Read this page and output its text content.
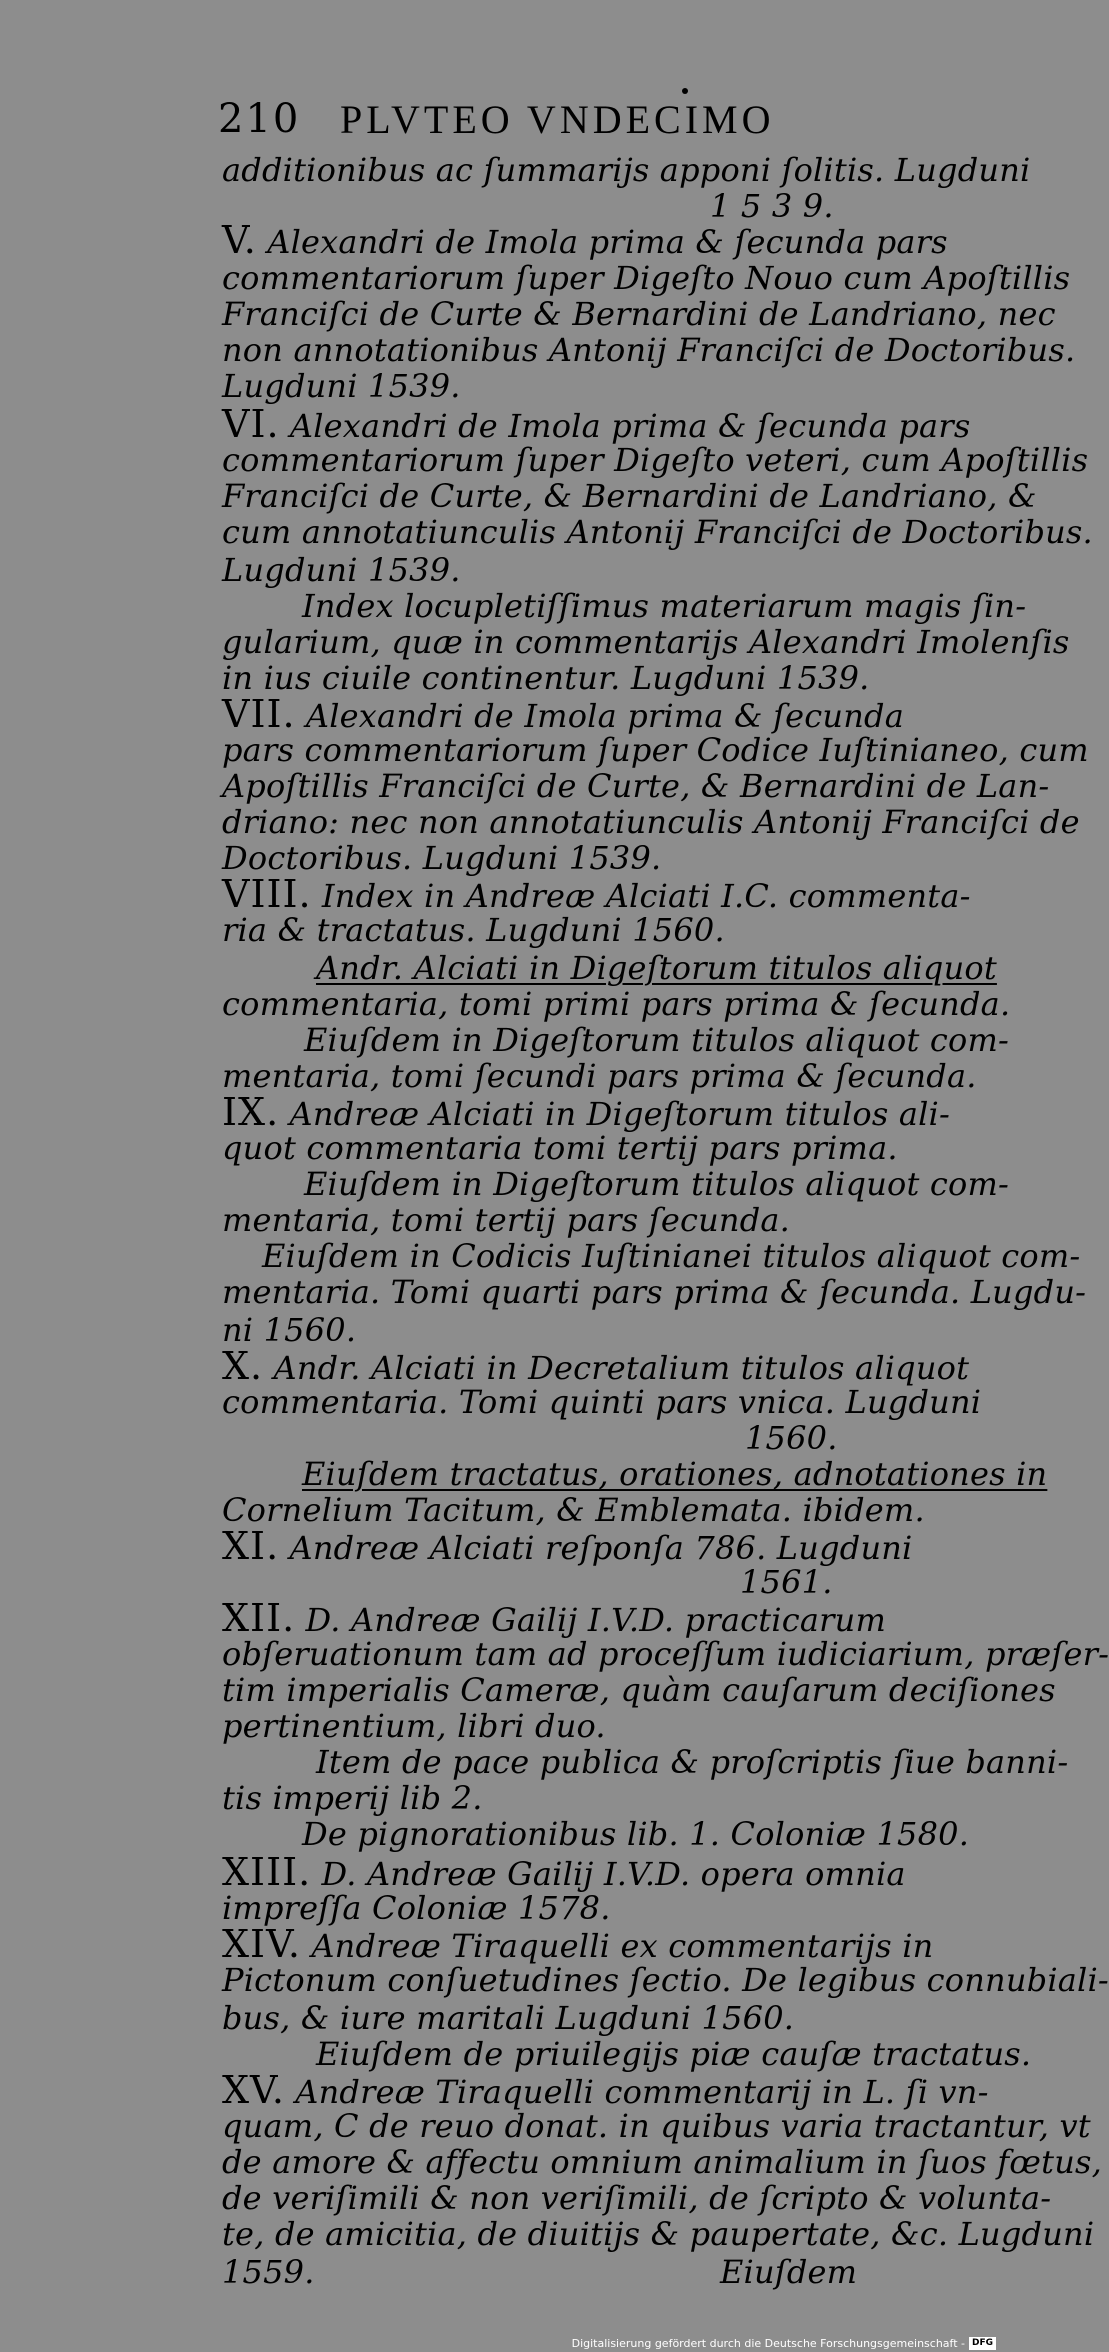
210 PLVTEO VNDECIMO
additionibus ac ſummarijs apponi ſolitis. Lugduni
1 5 3 9.
V. Alexandri de Imola prima & ſecunda pars
commentariorum ſuper Digeſto Nouo cum Apoſtillis
Franciſci de Curte & Bernardini de Landriano, nec
non annotationibus Antonij Franciſci de Doctoribus.
Lugduni 1539.
VI. Alexandri de Imola prima & ſecunda pars
commentariorum ſuper Digeſto veteri, cum Apoſtillis
Franciſci de Curte, & Bernardini de Landriano, &
cum annotatiunculis Antonij Franciſci de Doctoribus.
Lugduni 1539.
Index locupletiſſimus materiarum magis ſin-
gularium, quæ in commentarijs Alexandri Imolenſis
in ius ciuile continentur. Lugduni 1539.
VII. Alexandri de Imola prima & ſecunda
pars commentariorum ſuper Codice Iuſtinianeo, cum
Apoſtillis Franciſci de Curte, & Bernardini de Lan-
driano: nec non annotatiunculis Antonij Franciſci de
Doctoribus. Lugduni 1539.
VIII. Index in Andreæ Alciati I.C. commenta-
ria & tractatus. Lugduni 1560.
Andr. Alciati in Digeſtorum titulos aliquot
commentaria, tomi primi pars prima & ſecunda.
Eiuſdem in Digeſtorum titulos aliquot com-
mentaria, tomi ſecundi pars prima & ſecunda.
IX. Andreæ Alciati in Digeſtorum titulos ali-
quot commentaria tomi tertij pars prima.
Eiuſdem in Digeſtorum titulos aliquot com-
mentaria, tomi tertij pars ſecunda.
Eiuſdem in Codicis Iuſtinianei titulos aliquot com-
mentaria. Tomi quarti pars prima & ſecunda. Lugdu-
ni 1560.
X. Andr. Alciati in Decretalium titulos aliquot
commentaria. Tomi quinti pars vnica. Lugduni
1560.
Eiuſdem tractatus, orationes, adnotationes in
Cornelium Tacitum, & Emblemata. ibidem.
XI. Andreæ Alciati reſponſa 786. Lugduni
1561.
XII. D. Andreæ Gailij I.V.D. practicarum
obſeruationum tam ad proceſſum iudiciarium, præſer-
tim imperialis Cameræ, quàm cauſarum deciſiones
pertinentium, libri duo.
Item de pace publica & proſcriptis ſiue banni-
tis imperij lib 2.
De pignorationibus lib. 1. Coloniæ 1580.
XIII. D. Andreæ Gailij I.V.D. opera omnia
impreſſa Coloniæ 1578.
XIV. Andreæ Tiraquelli ex commentarijs in
Pictonum conſuetudines ſectio. De legibus connubiali-
bus, & iure maritali Lugduni 1560.
Eiuſdem de priuilegijs piæ cauſæ tractatus.
XV. Andreæ Tiraquelli commentarij in L. ſi vn-
quam, C de reuo donat. in quibus varia tractantur, vt
de amore & affectu omnium animalium in ſuos fœtus,
de veriſimili & non veriſimili, de ſcripto & volunta-
te, de amicitia, de diuitijs & paupertate, &c. Lugduni
1559.	Eiuſdem
Digitalisierung gefördert durch die Deutsche Forschungsgemeinschaft - DFG
